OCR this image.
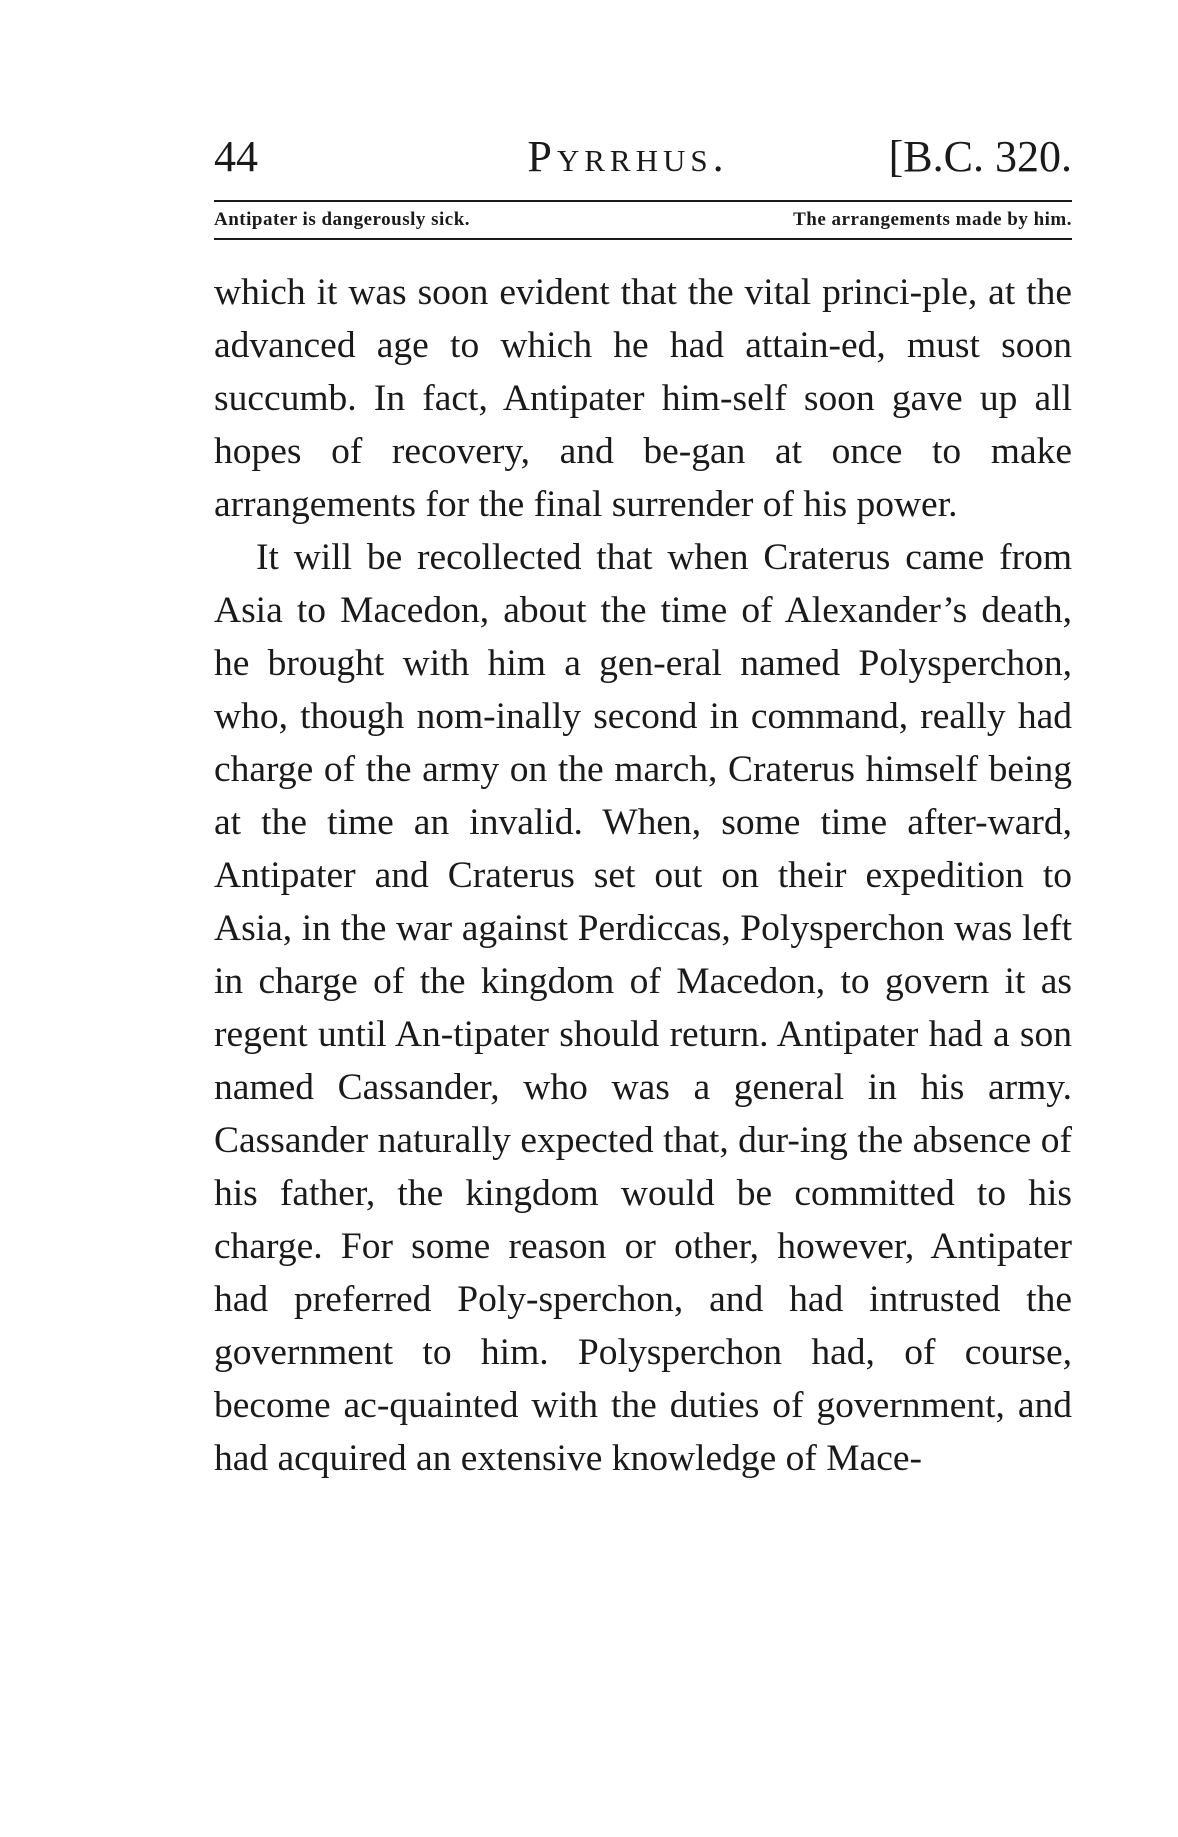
44	Pyrrhus.	[B.C. 320.
Antipater is dangerously sick.	The arrangements made by him.

which it was soon evident that the vital princi-ple, at the advanced age to which he had attain-ed, must soon succumb. In fact, Antipater him-self soon gave up all hopes of recovery, and be-gan at once to make arrangements for the final surrender of his power.

It will be recollected that when Craterus came from Asia to Macedon, about the time of Alexander’s death, he brought with him a gen-eral named Polysperchon, who, though nom-inally second in command, really had charge of the army on the march, Craterus himself being at the time an invalid. When, some time after-ward, Antipater and Craterus set out on their expedition to Asia, in the war against Perdiccas, Polysperchon was left in charge of the kingdom of Macedon, to govern it as regent until An-tipater should return. Antipater had a son named Cassander, who was a general in his army. Cassander naturally expected that, dur-ing the absence of his father, the kingdom would be committed to his charge. For some reason or other, however, Antipater had preferred Poly-sperchon, and had intrusted the government to him. Polysperchon had, of course, become ac-quainted with the duties of government, and had acquired an extensive knowledge of Mace-
